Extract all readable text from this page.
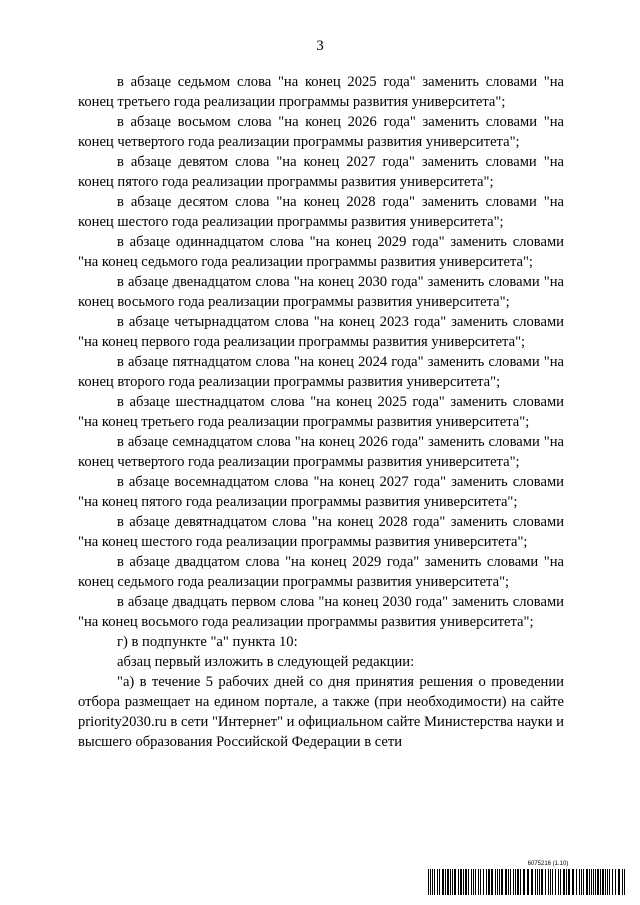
3

в абзаце седьмом слова "на конец 2025 года" заменить словами "на конец третьего года реализации программы развития университета";

в абзаце восьмом слова "на конец 2026 года" заменить словами "на конец четвертого года реализации программы развития университета";

в абзаце девятом слова "на конец 2027 года" заменить словами "на конец пятого года реализации программы развития университета";

в абзаце десятом слова "на конец 2028 года" заменить словами "на конец шестого года реализации программы развития университета";

в абзаце одиннадцатом слова "на конец 2029 года" заменить словами "на конец седьмого года реализации программы развития университета";

в абзаце двенадцатом слова "на конец 2030 года" заменить словами "на конец восьмого года реализации программы развития университета";

в абзаце четырнадцатом слова "на конец 2023 года" заменить словами "на конец первого года реализации программы развития университета";

в абзаце пятнадцатом слова "на конец 2024 года" заменить словами "на конец второго года реализации программы развития университета";

в абзаце шестнадцатом слова "на конец 2025 года" заменить словами "на конец третьего года реализации программы развития университета";

в абзаце семнадцатом слова "на конец 2026 года" заменить словами "на конец четвертого года реализации программы развития университета";

в абзаце восемнадцатом слова "на конец 2027 года" заменить словами "на конец пятого года реализации программы развития университета";

в абзаце девятнадцатом слова "на конец 2028 года" заменить словами "на конец шестого года реализации программы развития университета";

в абзаце двадцатом слова "на конец 2029 года" заменить словами "на конец седьмого года реализации программы развития университета";

в абзаце двадцать первом слова "на конец 2030 года" заменить словами "на конец восьмого года реализации программы развития университета";

г) в подпункте "а" пункта 10:

абзац первый изложить в следующей редакции:

"а) в течение 5 рабочих дней со дня принятия решения о проведении отбора размещает на едином портале, а также (при необходимости) на сайте priority2030.ru в сети "Интернет" и официальном сайте Министерства науки и высшего образования Российской Федерации в сети

6075216 (1.10)
